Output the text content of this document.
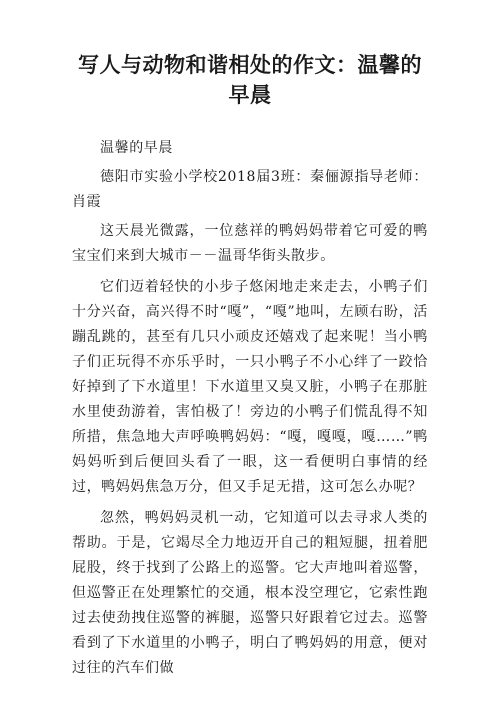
写人与动物和谐相处的作文：温馨的早晨

温馨的早晨

德阳市实验小学校2018届3班：秦俪源指导老师：肖霞

这天晨光微露，一位慈祥的鸭妈妈带着它可爱的鸭宝宝们来到大城市－－温哥华街头散步。

它们迈着轻快的小步子悠闲地走来走去，小鸭子们十分兴奋，高兴得不时“嘎”，“嘎”地叫，左顾右盼，活蹦乱跳的，甚至有几只小顽皮还嬉戏了起来呢！当小鸭子们正玩得不亦乐乎时，一只小鸭子不小心绊了一跤恰好掉到了下水道里！下水道里又臭又脏，小鸭子在那脏水里使劲游着，害怕极了！旁边的小鸭子们慌乱得不知所措，焦急地大声呼唤鸭妈妈：“嘎，嘎嘎，嘎……”鸭妈妈听到后便回头看了一眼，这一看便明白事情的经过，鸭妈妈焦急万分，但又手足无措，这可怎么办呢？

忽然，鸭妈妈灵机一动，它知道可以去寻求人类的帮助。于是，它竭尽全力地迈开自己的粗短腿，扭着肥屁股，终于找到了公路上的巡警。它大声地叫着巡警，但巡警正在处理繁忙的交通，根本没空理它，它索性跑过去使劲拽住巡警的裤腿，巡警只好跟着它过去。巡警看到了下水道里的小鸭子，明白了鸭妈妈的用意，便对过往的汽车们做
